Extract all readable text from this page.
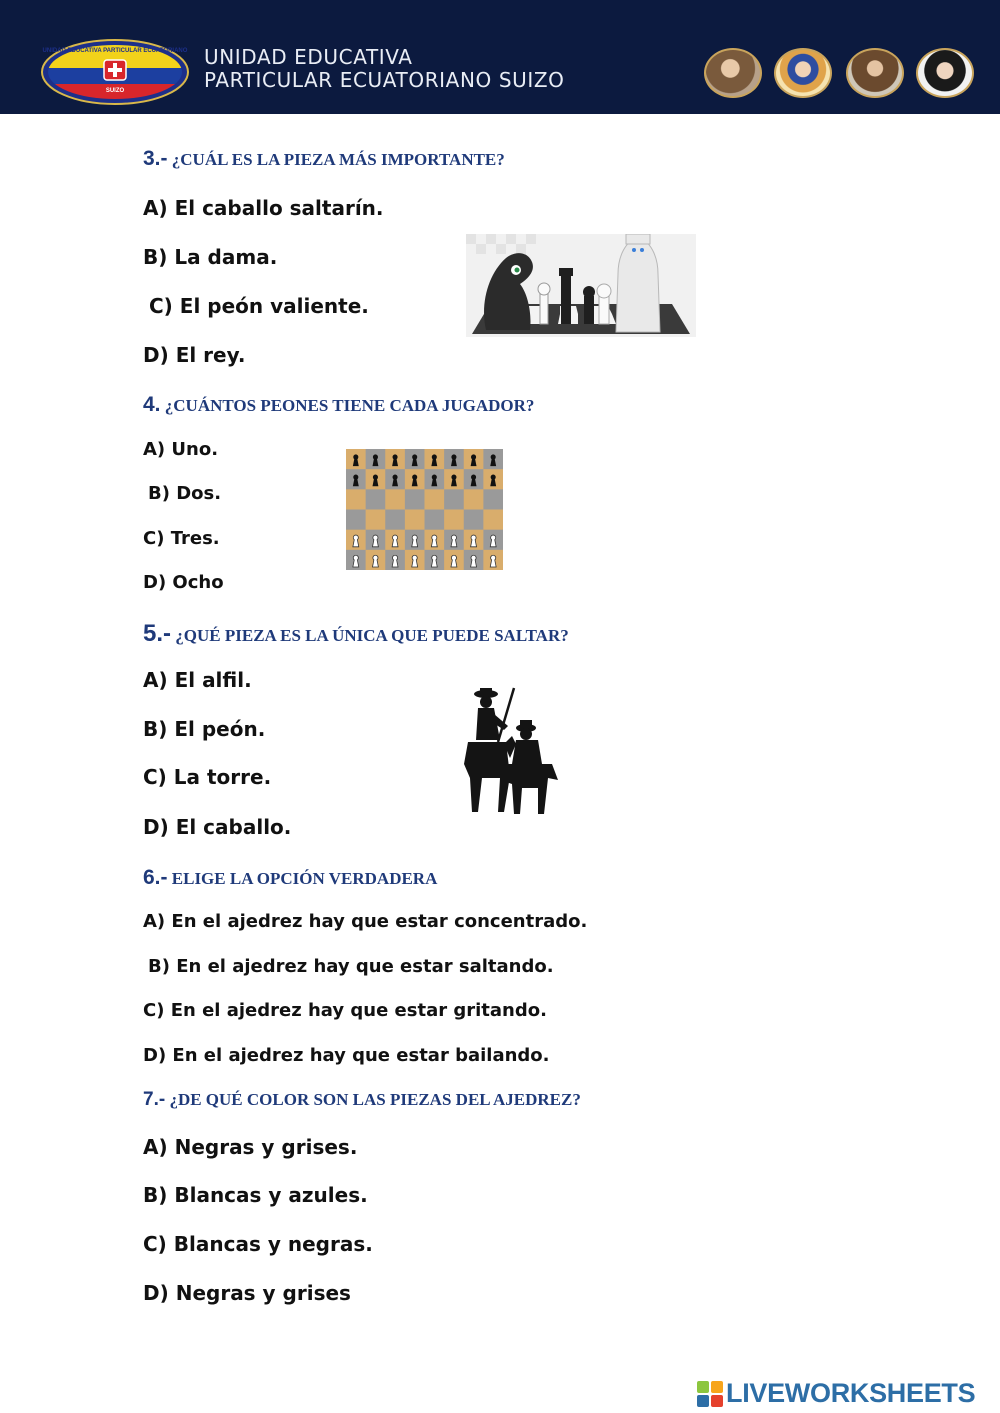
UNIDAD EDUCATIVA PARTICULAR ECUATORIANO
SUIZO
UNIDAD EDUCATIVA
PARTICULAR ECUATORIANO SUIZO
3.- ¿CUÁL ES LA PIEZA MÁS IMPORTANTE?
A) El caballo saltarín.
B) La dama.
C) El peón valiente.
D) El rey.
4. ¿CUÁNTOS PEONES TIENE CADA JUGADOR?
A) Uno.
B) Dos.
C) Tres.
D) Ocho
5.- ¿QUÉ PIEZA ES LA ÚNICA QUE PUEDE SALTAR?
A) El alfil.
B) El peón.
C) La torre.
D) El caballo.
6.- ELIGE LA OPCIÓN VERDADERA
A) En el ajedrez hay que estar concentrado.
B) En el ajedrez hay que estar saltando.
C) En el ajedrez hay que estar gritando.
D) En el ajedrez hay que estar bailando.
7.- ¿DE QUÉ COLOR SON LAS PIEZAS DEL AJEDREZ?
A) Negras y grises.
B) Blancas y azules.
C) Blancas y negras.
D) Negras y grises
LIVEWORKSHEETS
